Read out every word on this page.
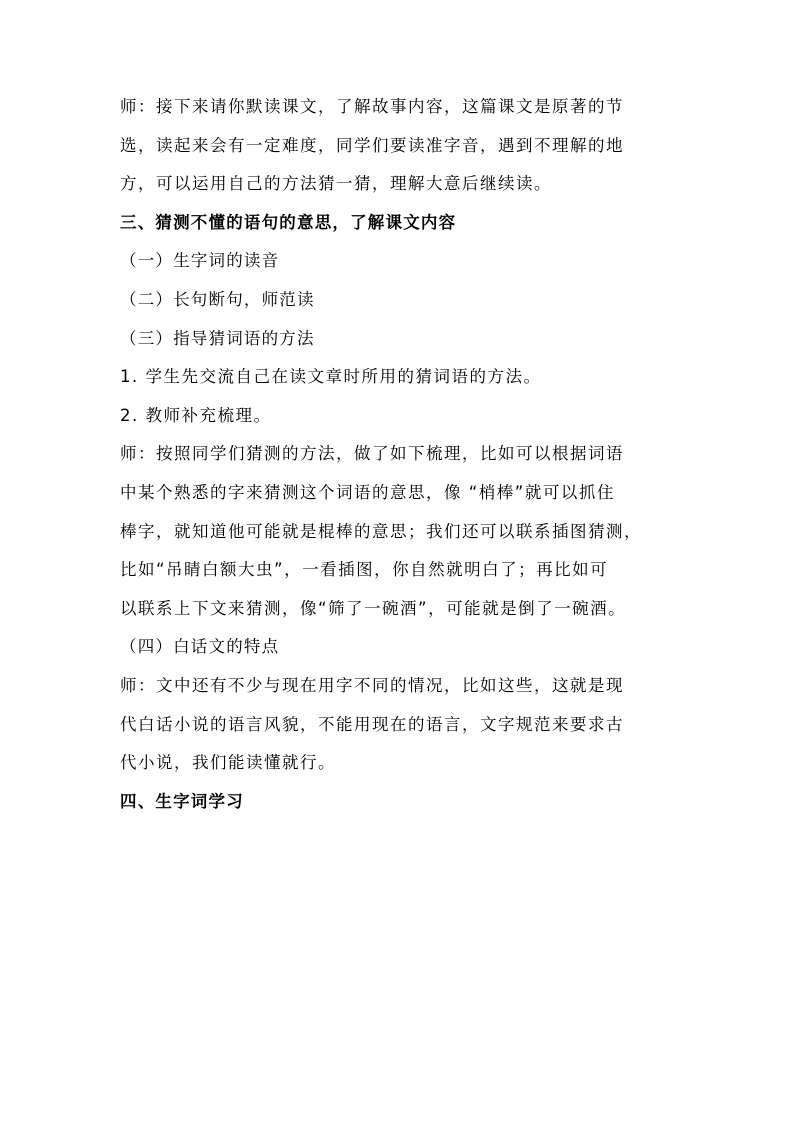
师：接下来请你默读课文，了解故事内容，这篇课文是原著的节
选，读起来会有一定难度，同学们要读准字音，遇到不理解的地
方，可以运用自己的方法猜一猜，理解大意后继续读。
三、猜测不懂的语句的意思，了解课文内容
（一）生字词的读音
（二）长句断句，师范读
（三）指导猜词语的方法
1. 学生先交流自己在读文章时所用的猜词语的方法。
2. 教师补充梳理。
师：按照同学们猜测的方法，做了如下梳理，比如可以根据词语
中某个熟悉的字来猜测这个词语的意思，像 “梢棒”就可以抓住
棒字，就知道他可能就是棍棒的意思；我们还可以联系插图猜测，
比如“吊睛白额大虫”，一看插图，你自然就明白了；再比如可
以联系上下文来猜测，像“筛了一碗酒”，可能就是倒了一碗酒。
（四）白话文的特点
师：文中还有不少与现在用字不同的情况，比如这些，这就是现
代白话小说的语言风貌，不能用现在的语言，文字规范来要求古
代小说，我们能读懂就行。
四、生字词学习
